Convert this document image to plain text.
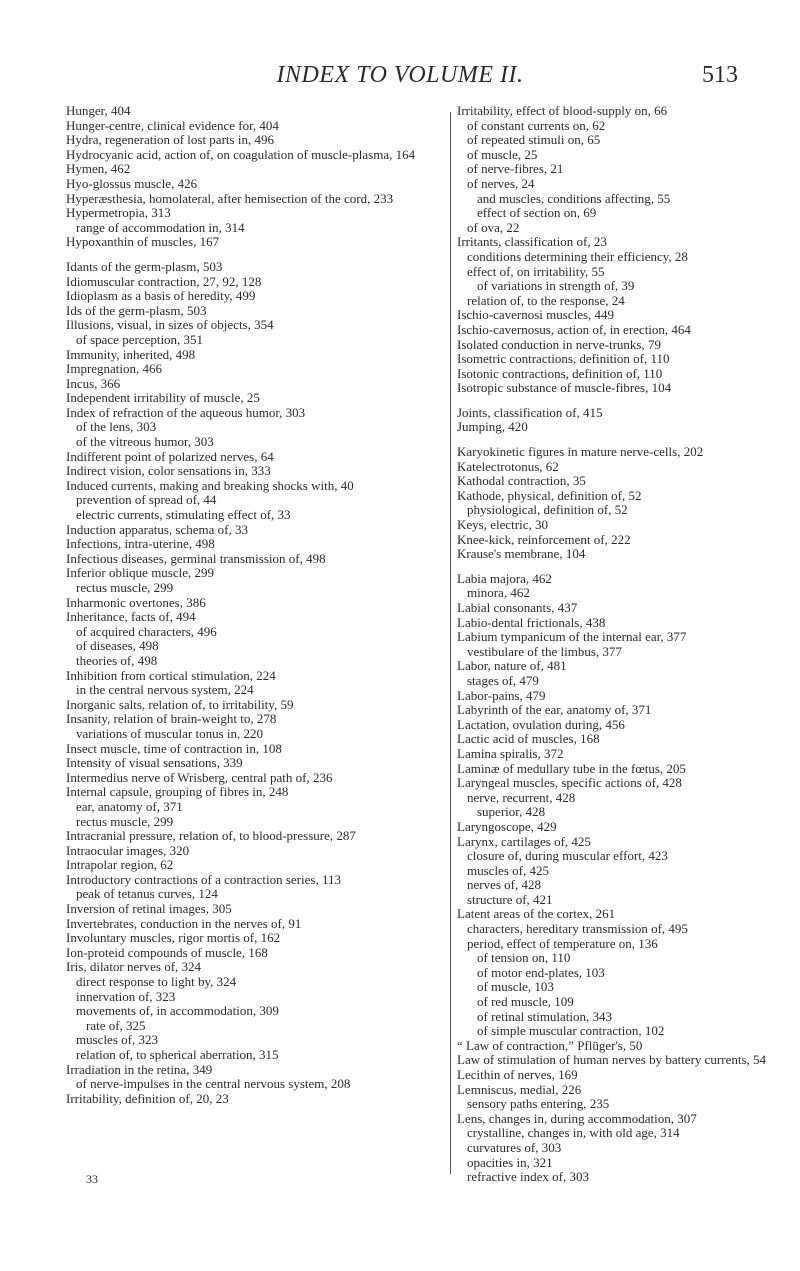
INDEX TO VOLUME II.	513
Hunger, 404
Hunger-centre, clinical evidence for, 404
Hydra, regeneration of lost parts in, 496
Hydrocyanic acid, action of, on coagulation of muscle-plasma, 164
Hymen, 462
Hyo-glossus muscle, 426
Hyperæsthesia, homolateral, after hemisection of the cord, 233
Hypermetropia, 313
range of accommodation in, 314
Hypoxanthin of muscles, 167
Idants of the germ-plasm, 503
Idiomuscular contraction, 27, 92, 128
Idioplasm as a basis of heredity, 499
Ids of the germ-plasm, 503
Illusions, visual, in sizes of objects, 354
of space perception, 351
Immunity, inherited, 498
Impregnation, 466
Incus, 366
Independent irritability of muscle, 25
Index of refraction of the aqueous humor, 303
of the lens, 303
of the vitreous humor, 303
Indifferent point of polarized nerves, 64
Indirect vision, color sensations in, 333
Induced currents, making and breaking shocks with, 40
prevention of spread of, 44
electric currents, stimulating effect of, 33
Induction apparatus, schema of, 33
Infections, intra-uterine, 498
Infectious diseases, germinal transmission of, 498
Inferior oblique muscle, 299
rectus muscle, 299
Inharmonic overtones, 386
Inheritance, facts of, 494
of acquired characters, 496
of diseases, 498
theories of, 498
Inhibition from cortical stimulation, 224
in the central nervous system, 224
Inorganic salts, relation of, to irritability, 59
Insanity, relation of brain-weight to, 278
variations of muscular tonus in, 220
Insect muscle, time of contraction in, 108
Intensity of visual sensations, 339
Intermedius nerve of Wrisberg, central path of, 236
Internal capsule, grouping of fibres in, 248
ear, anatomy of, 371
rectus muscle, 299
Intracranial pressure, relation of, to blood-pressure, 287
Intraocular images, 320
Intrapolar region, 62
Introductory contractions of a contraction series, 113
peak of tetanus curves, 124
Inversion of retinal images, 305
Invertebrates, conduction in the nerves of, 91
Involuntary muscles, rigor mortis of, 162
Ion-proteid compounds of muscle, 168
Iris, dilator nerves of, 324
direct response to light by, 324
innervation of, 323
movements of, in accommodation, 309
rate of, 325
muscles of, 323
relation of, to spherical aberration, 315
Irradiation in the retina, 349
of nerve-impulses in the central nervous system, 208
Irritability, definition of, 20, 23
Irritability, effect of blood-supply on, 66
of constant currents on, 62
of repeated stimuli on, 65
of muscle, 25
of nerve-fibres, 21
of nerves, 24
and muscles, conditions affecting, 55
effect of section on, 69
of ova, 22
Irritants, classification of, 23
conditions determining their efficiency, 28
effect of, on irritability, 55
of variations in strength of, 39
relation of, to the response, 24
Ischio-cavernosi muscles, 449
Ischio-cavernosus, action of, in erection, 464
Isolated conduction in nerve-trunks, 79
Isometric contractions, definition of, 110
Isotonic contractions, definition of, 110
Isotropic substance of muscle-fibres, 104
Joints, classification of, 415
Jumping, 420
Karyokinetic figures in mature nerve-cells, 202
Katelectrotonus, 62
Kathodal contraction, 35
Kathode, physical, definition of, 52
physiological, definition of, 52
Keys, electric, 30
Knee-kick, reinforcement of, 222
Krause's membrane, 104
Labia majora, 462
minora, 462
Labial consonants, 437
Labio-dental frictionals, 438
Labium tympanicum of the internal ear, 377
vestibulare of the limbus, 377
Labor, nature of, 481
stages of, 479
Labor-pains, 479
Labyrinth of the ear, anatomy of, 371
Lactation, ovulation during, 456
Lactic acid of muscles, 168
Lamina spiralis, 372
Laminæ of medullary tube in the fœtus, 205
Laryngeal muscles, specific actions of, 428
nerve, recurrent, 428
superior, 428
Laryngoscope, 429
Larynx, cartilages of, 425
closure of, during muscular effort, 423
muscles of, 425
nerves of, 428
structure of, 421
Latent areas of the cortex, 261
characters, hereditary transmission of, 495
period, effect of temperature on, 136
of tension on, 110
of motor end-plates, 103
of muscle, 103
of red muscle, 109
of retinal stimulation, 343
of simple muscular contraction, 102
“ Law of contraction,” Pflüger's, 50
Law of stimulation of human nerves by battery currents, 54
Lecithin of nerves, 169
Lemniscus, medial, 226
sensory paths entering, 235
Lens, changes in, during accommodation, 307
crystalline, changes in, with old age, 314
curvatures of, 303
opacities in, 321
refractive index of, 303
33
